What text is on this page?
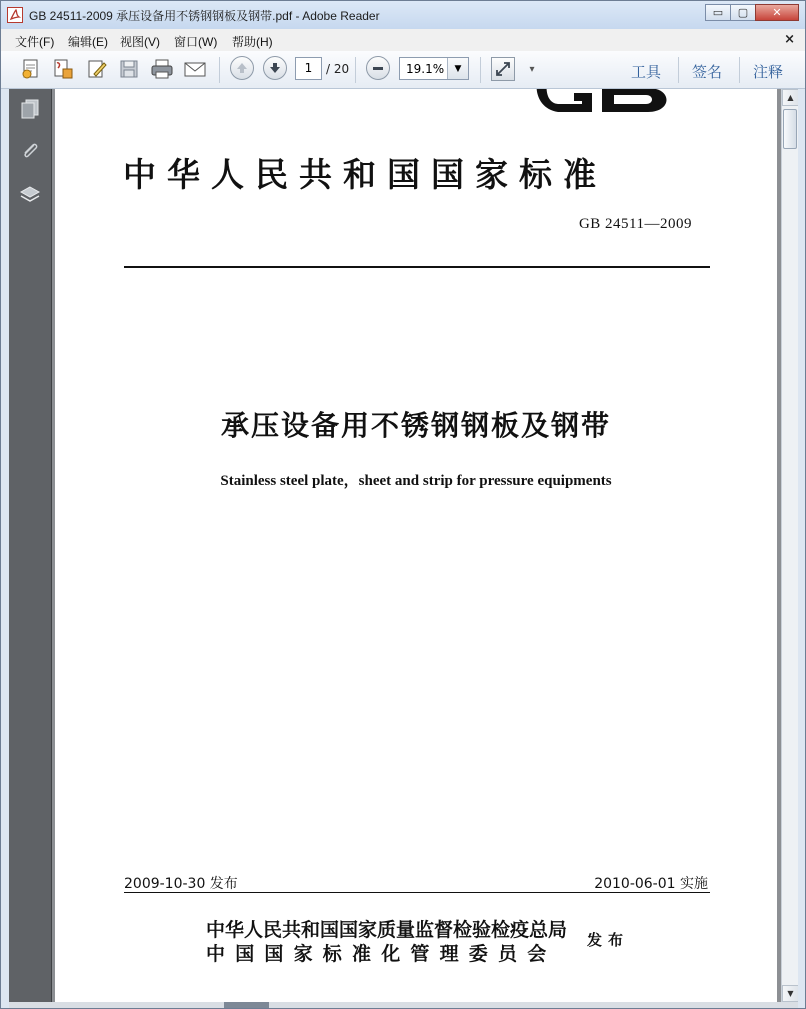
GB 24511-2009 承压设备用不锈钢钢板及钢带.pdf - Adobe Reader	▭ ▢ ✕
文件(F) 编辑(E) 视图(V) 窗口(W) 帮助(H)	×
1	/ 20	19.1%	▼	▾	工具 签名 注释
中华人民共和国国家标准
GB 24511—2009
承压设备用不锈钢钢板及钢带
Stainless steel plate，sheet and strip for pressure equipments
2009-10-30 发布	2010-06-01 实施
中华人民共和国国家质量监督检验检疫总局
中国国家标准化管理委员会
发布
▲
▼
